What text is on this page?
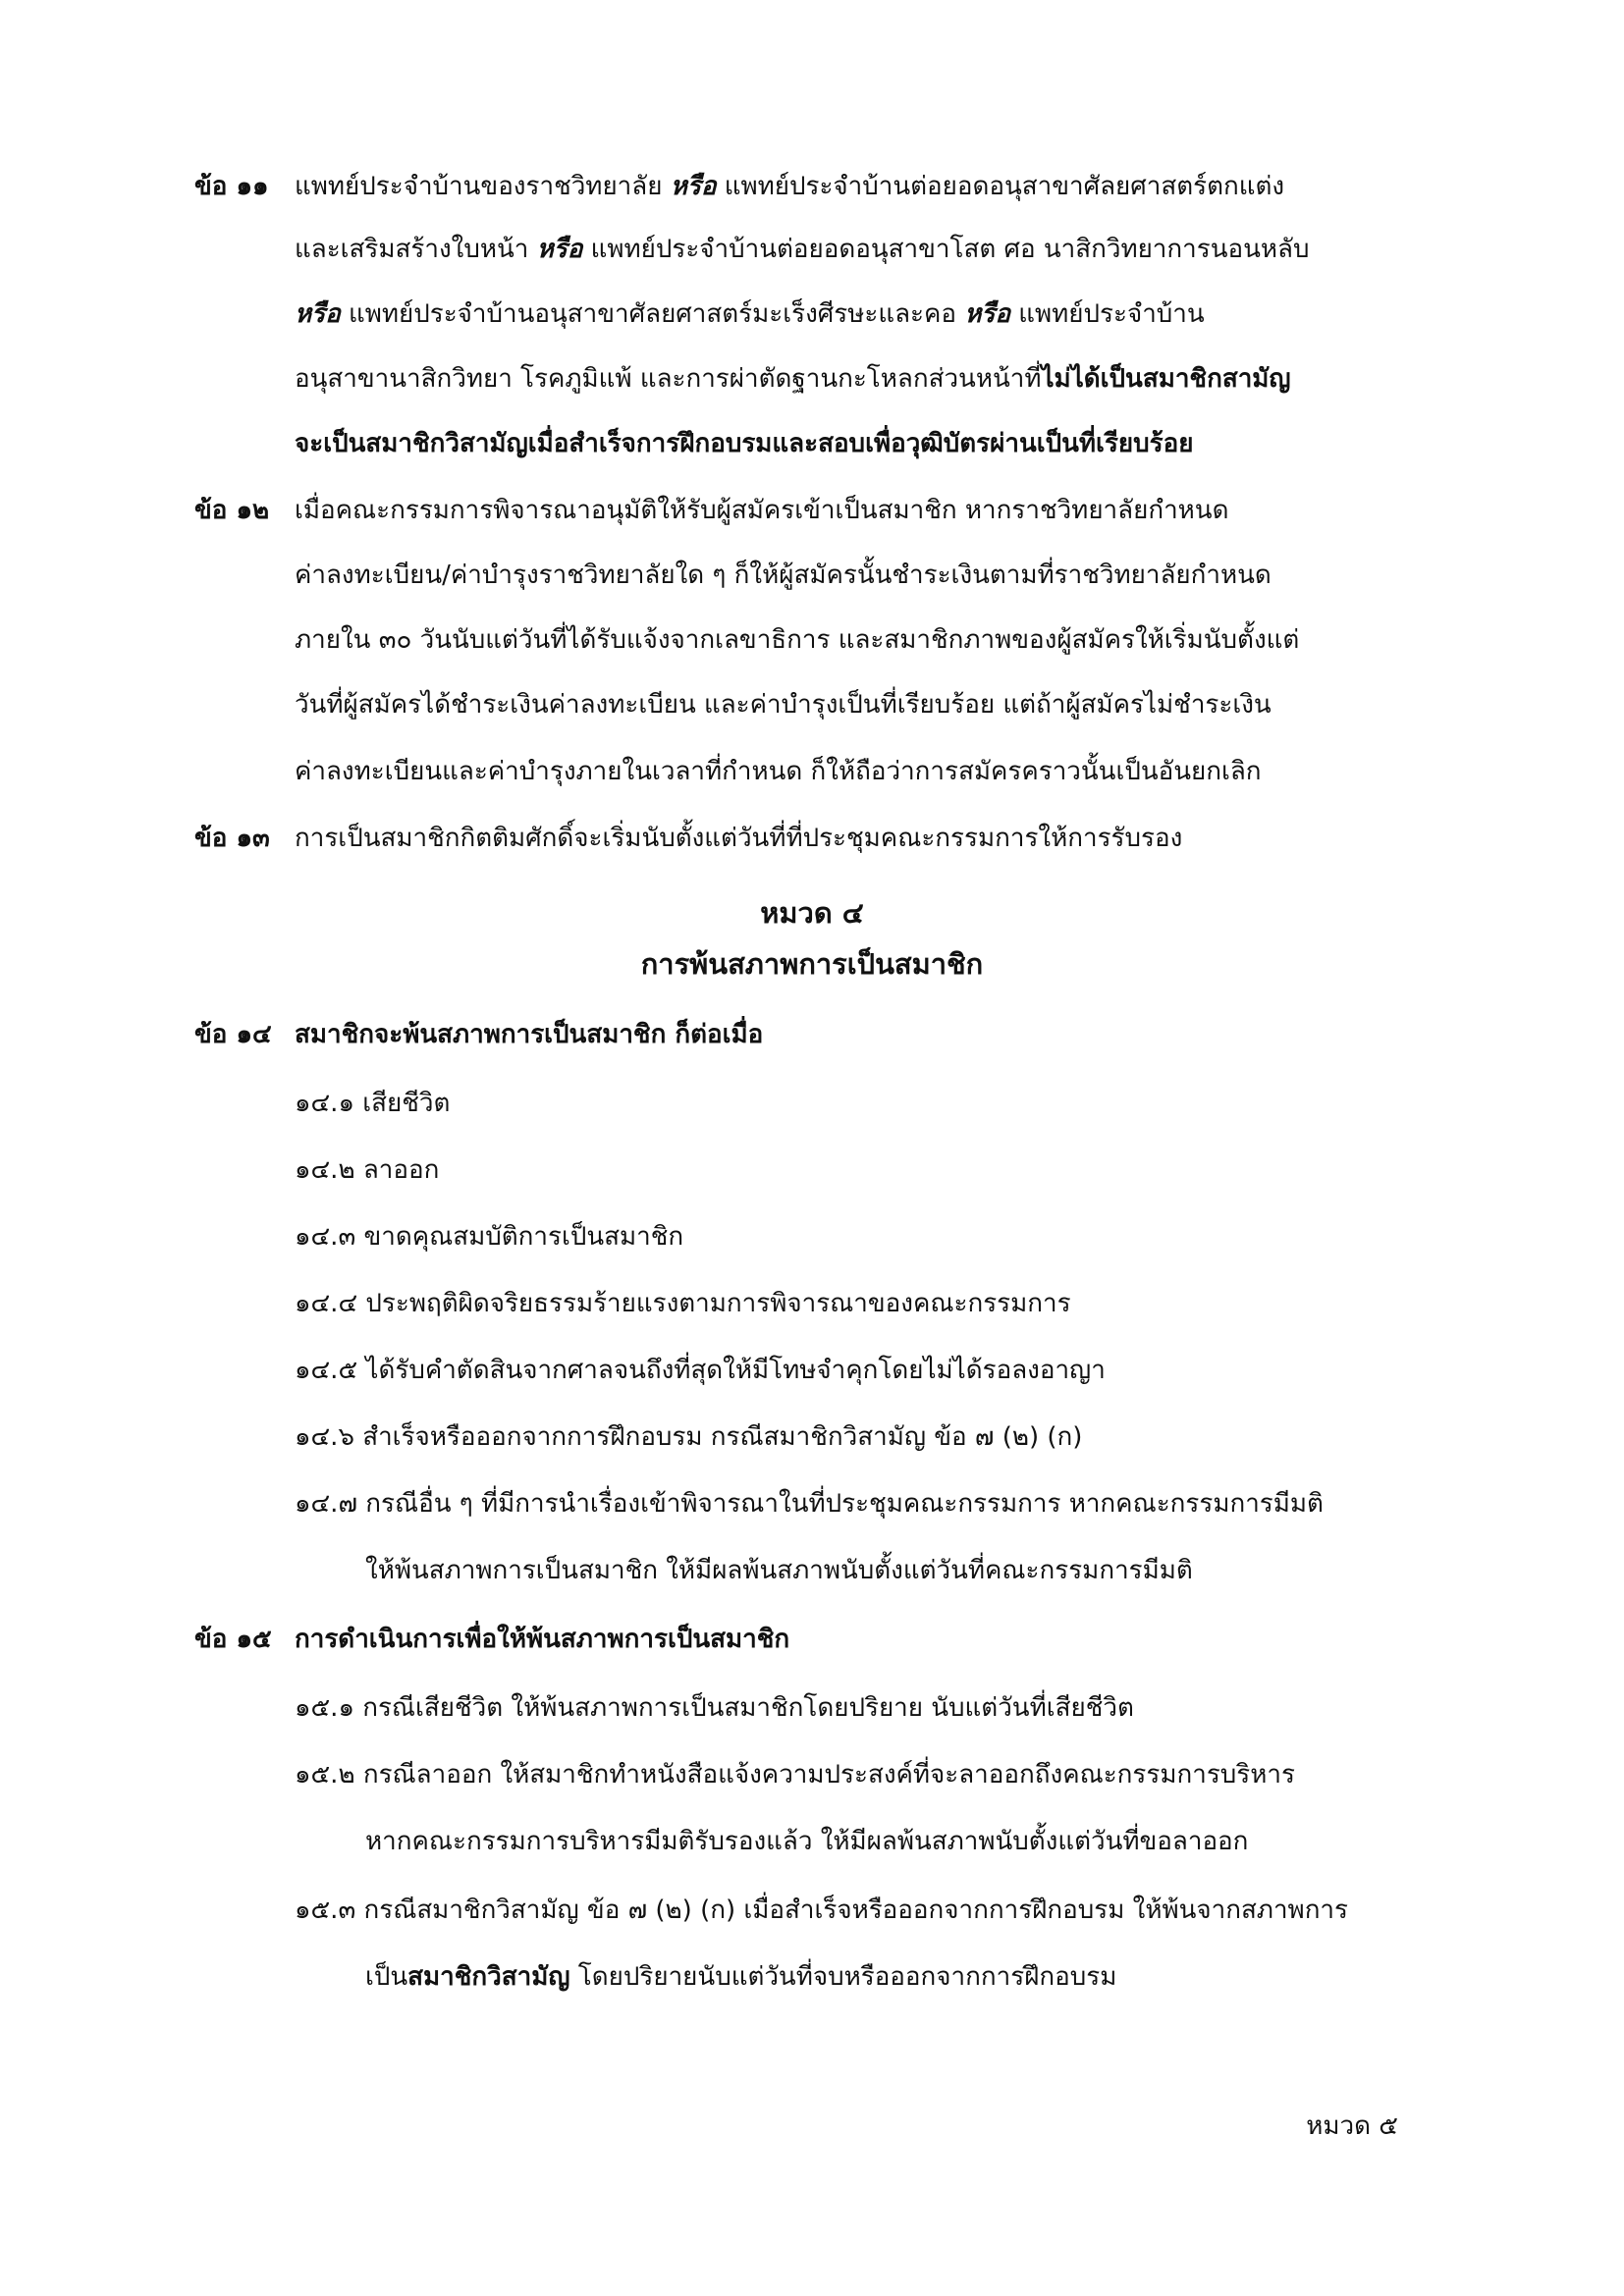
ข้อ ๑๑ แพทย์ประจำบ้านของราชวิทยาลัย หรือ แพทย์ประจำบ้านต่อยอดอนุสาขาศัลยศาสตร์ตกแต่ง
และเสริมสร้างใบหน้า หรือ แพทย์ประจำบ้านต่อยอดอนุสาขาโสต ศอ นาสิกวิทยาการนอนหลับ
หรือ แพทย์ประจำบ้านอนุสาขาศัลยศาสตร์มะเร็งศีรษะและคอ หรือ แพทย์ประจำบ้าน
อนุสาขานาสิกวิทยา โรคภูมิแพ้ และการผ่าตัดฐานกะโหลกส่วนหน้าที่ไม่ได้เป็นสมาชิกสามัญ
จะเป็นสมาชิกวิสามัญเมื่อสำเร็จการฝึกอบรมและสอบเพื่อวุฒิบัตรผ่านเป็นที่เรียบร้อย
ข้อ ๑๒ เมื่อคณะกรรมการพิจารณาอนุมัติให้รับผู้สมัครเข้าเป็นสมาชิก หากราชวิทยาลัยกำหนด
ค่าลงทะเบียน/ค่าบำรุงราชวิทยาลัยใด ๆ ก็ให้ผู้สมัครนั้นชำระเงินตามที่ราชวิทยาลัยกำหนด
ภายใน ๓๐ วันนับแต่วันที่ได้รับแจ้งจากเลขาธิการ และสมาชิกภาพของผู้สมัครให้เริ่มนับตั้งแต่
วันที่ผู้สมัครได้ชำระเงินค่าลงทะเบียน และค่าบำรุงเป็นที่เรียบร้อย แต่ถ้าผู้สมัครไม่ชำระเงิน
ค่าลงทะเบียนและค่าบำรุงภายในเวลาที่กำหนด ก็ให้ถือว่าการสมัครคราวนั้นเป็นอันยกเลิก
ข้อ ๑๓ การเป็นสมาชิกกิตติมศักดิ์จะเริ่มนับตั้งแต่วันที่ที่ประชุมคณะกรรมการให้การรับรอง
หมวด ๔
การพ้นสภาพการเป็นสมาชิก
ข้อ ๑๔ สมาชิกจะพ้นสภาพการเป็นสมาชิก ก็ต่อเมื่อ
๑๔.๑ เสียชีวิต
๑๔.๒ ลาออก
๑๔.๓ ขาดคุณสมบัติการเป็นสมาชิก
๑๔.๔ ประพฤติผิดจริยธรรมร้ายแรงตามการพิจารณาของคณะกรรมการ
๑๔.๕ ได้รับคำตัดสินจากศาลจนถึงที่สุดให้มีโทษจำคุกโดยไม่ได้รอลงอาญา
๑๔.๖ สำเร็จหรือออกจากการฝึกอบรม กรณีสมาชิกวิสามัญ ข้อ ๗ (๒) (ก)
๑๔.๗ กรณีอื่น ๆ ที่มีการนำเรื่องเข้าพิจารณาในที่ประชุมคณะกรรมการ หากคณะกรรมการมีมติ
ให้พ้นสภาพการเป็นสมาชิก ให้มีผลพ้นสภาพนับตั้งแต่วันที่คณะกรรมการมีมติ
ข้อ ๑๕ การดำเนินการเพื่อให้พ้นสภาพการเป็นสมาชิก
๑๕.๑ กรณีเสียชีวิต ให้พ้นสภาพการเป็นสมาชิกโดยปริยาย นับแต่วันที่เสียชีวิต
๑๕.๒ กรณีลาออก ให้สมาชิกทำหนังสือแจ้งความประสงค์ที่จะลาออกถึงคณะกรรมการบริหาร
หากคณะกรรมการบริหารมีมติรับรองแล้ว ให้มีผลพ้นสภาพนับตั้งแต่วันที่ขอลาออก
๑๕.๓ กรณีสมาชิกวิสามัญ ข้อ ๗ (๒) (ก) เมื่อสำเร็จหรือออกจากการฝึกอบรม ให้พ้นจากสภาพการ
เป็นสมาชิกวิสามัญ โดยปริยายนับแต่วันที่จบหรือออกจากการฝึกอบรม
หมวด ๕
